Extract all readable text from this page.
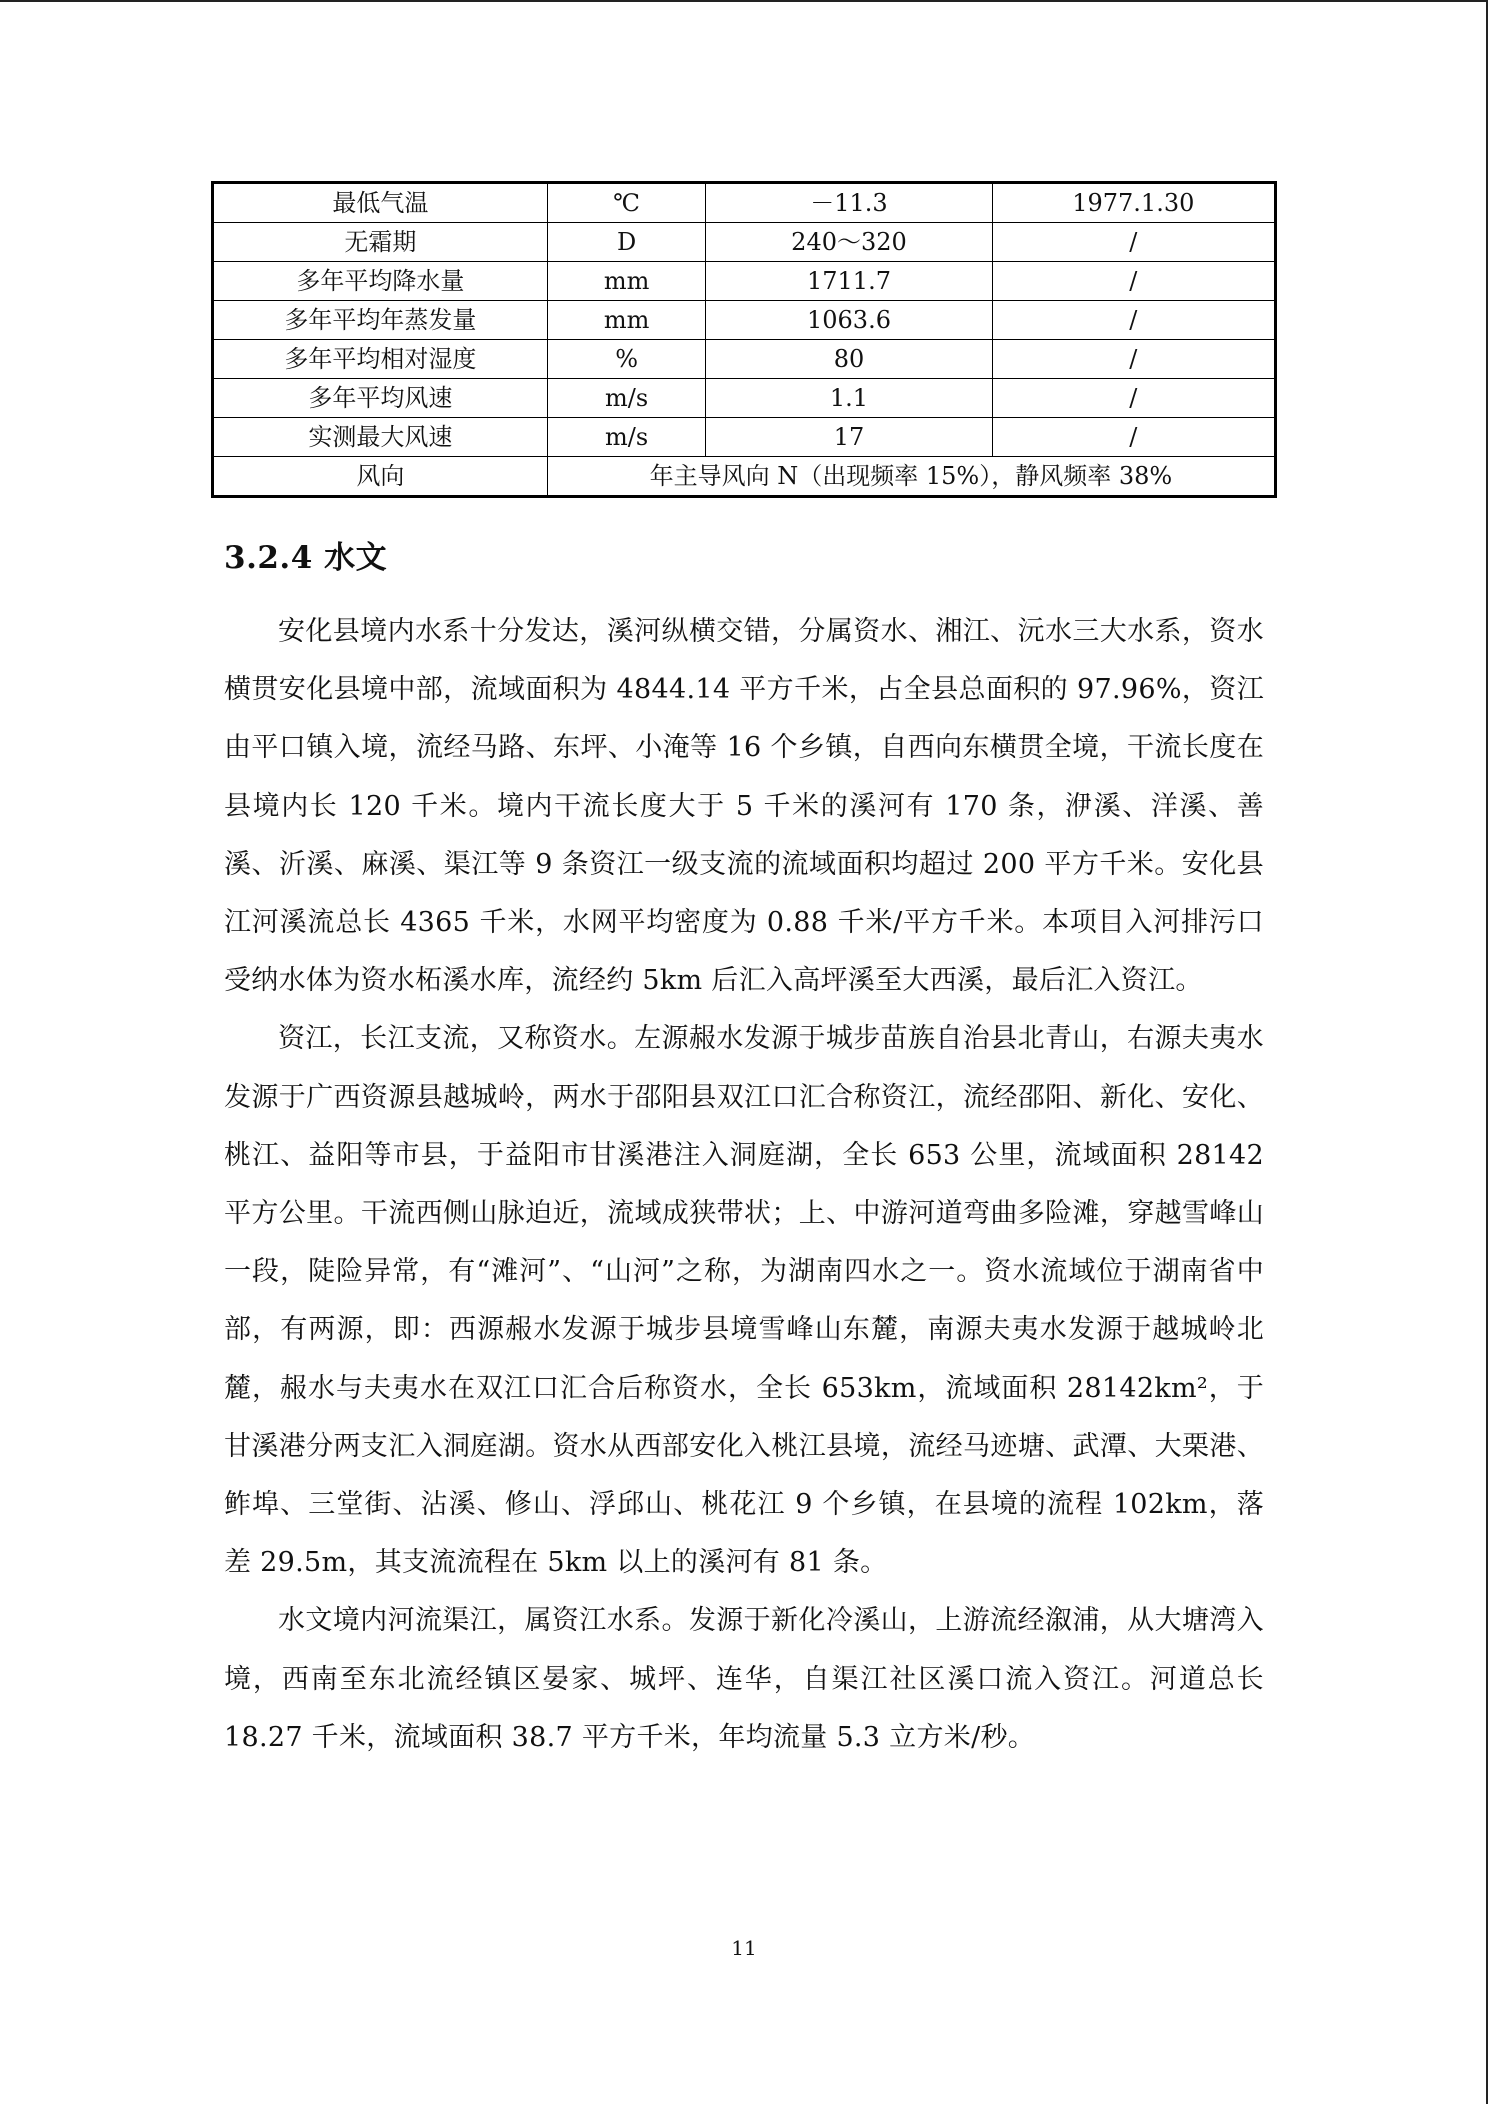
最低气温	℃	－11.3	1977.1.30
无霜期	D	240～320	/
多年平均降水量	mm	1711.7	/
多年平均年蒸发量	mm	1063.6	/
多年平均相对湿度	%	80	/
多年平均风速	m/s	1.1	/
实测最大风速	m/s	17	/
风向	年主导风向 N（出现频率 15%），静风频率 38%		
3.2.4 水文

安化县境内水系十分发达，溪河纵横交错，分属资水、湘江、沅水三大水系，资水横贯安化县境中部，流域面积为 4844.14 平方千米，占全县总面积的 97.96%，资江由平口镇入境，流经马路、东坪、小淹等 16 个乡镇，自西向东横贯全境，干流长度在县境内长 120 千米。境内干流长度大于 5 千米的溪河有 170 条，洢溪、洋溪、善溪、沂溪、麻溪、渠江等 9 条资江一级支流的流域面积均超过 200 平方千米。安化县江河溪流总长 4365 千米，水网平均密度为 0.88 千米/平方千米。本项目入河排污口受纳水体为资水柘溪水库，流经约 5km 后汇入高坪溪至大西溪，最后汇入资江。

资江，长江支流，又称资水。左源赧水发源于城步苗族自治县北青山，右源夫夷水发源于广西资源县越城岭，两水于邵阳县双江口汇合称资江，流经邵阳、新化、安化、桃江、益阳等市县，于益阳市甘溪港注入洞庭湖，全长 653 公里，流域面积 28142 平方公里。干流西侧山脉迫近，流域成狭带状；上、中游河道弯曲多险滩，穿越雪峰山一段，陡险异常，有“滩河”、“山河”之称，为湖南四水之一。资水流域位于湖南省中部，有两源，即：西源赧水发源于城步县境雪峰山东麓，南源夫夷水发源于越城岭北麓，赧水与夫夷水在双江口汇合后称资水，全长 653km，流域面积 28142km²，于甘溪港分两支汇入洞庭湖。资水从西部安化入桃江县境，流经马迹塘、武潭、大栗港、鲊埠、三堂街、沾溪、修山、浮邱山、桃花江 9 个乡镇，在县境的流程 102km，落差 29.5m，其支流流程在 5km 以上的溪河有 81 条。

水文境内河流渠江，属资江水系。发源于新化冷溪山，上游流经溆浦，从大塘湾入境，西南至东北流经镇区晏家、城坪、连华，自渠江社区溪口流入资江。河道总长 18.27 千米，流域面积 38.7 平方千米，年均流量 5.3 立方米/秒。

11
